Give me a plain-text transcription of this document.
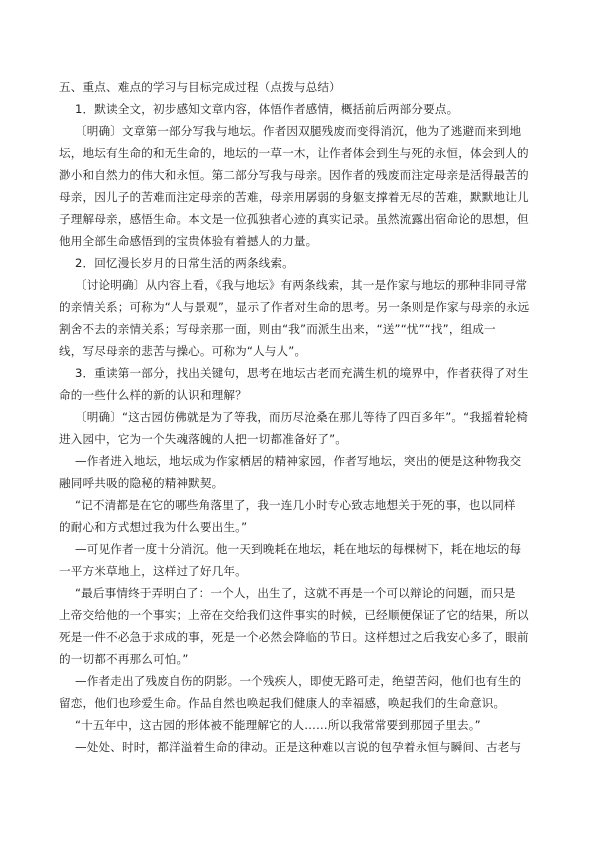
五、重点、难点的学习与目标完成过程（点拨与总结）
1．默读全文，初步感知文章内容，体悟作者感情，概括前后两部分要点。
〔明确〕文章第一部分写我与地坛。作者因双腿残废而变得消沉，他为了逃避而来到地
坛，地坛有生命的和无生命的，地坛的一草一木，让作者体会到生与死的永恒，体会到人的
渺小和自然力的伟大和永恒。第二部分写我与母亲。因作者的残废而注定母亲是活得最苦的
母亲，因儿子的苦难而注定母亲的苦难，母亲用孱弱的身躯支撑着无尽的苦难，默默地让儿
子理解母亲，感悟生命。本文是一位孤独者心迹的真实记录。虽然流露出宿命论的思想，但
他用全部生命感悟到的宝贵体验有着撼人的力量。
2．回忆漫长岁月的日常生活的两条线索。
〔讨论明确〕从内容上看，《我与地坛》有两条线索，其一是作家与地坛的那种非同寻常
的亲情关系；可称为“人与景观”，显示了作者对生命的思考。另一条则是作家与母亲的永远
割舍不去的亲情关系；写母亲那一面，则由“我”而派生出来，“送”“忧”“找”，组成一
线，写尽母亲的悲苦与操心。可称为“人与人”。
3．重读第一部分，找出关键句，思考在地坛古老而充满生机的境界中，作者获得了对生
命的一些什么样的新的认识和理解？
〔明确〕“这古园仿佛就是为了等我，而历尽沧桑在那儿等待了四百多年”。“我摇着轮椅
进入园中，它为一个失魂落魄的人把一切都准备好了”。
—作者进入地坛，地坛成为作家栖居的精神家园，作者写地坛，突出的便是这种物我交
融同呼共吸的隐秘的精神默契。
“记不清都是在它的哪些角落里了，我一连几小时专心致志地想关于死的事，也以同样
的耐心和方式想过我为什么要出生。”
—可见作者一度十分消沉。他一天到晚耗在地坛，耗在地坛的每棵树下，耗在地坛的每
一平方米草地上，这样过了好几年。
“最后事情终于弄明白了：一个人，出生了，这就不再是一个可以辩论的问题，而只是
上帝交给他的一个事实；上帝在交给我们这件事实的时候，已经顺便保证了它的结果，所以
死是一件不必急于求成的事，死是一个必然会降临的节日。这样想过之后我安心多了，眼前
的一切都不再那么可怕。”
—作者走出了残废自伤的阴影。一个残疾人，即使无路可走，绝望苦闷，他们也有生的
留恋，他们也珍爱生命。作品自然也唤起我们健康人的幸福感，唤起我们的生命意识。
“十五年中，这古园的形体被不能理解它的人……所以我常常要到那园子里去。”
—处处、时时，都洋溢着生命的律动。正是这种难以言说的包孕着永恒与瞬间、古老与
